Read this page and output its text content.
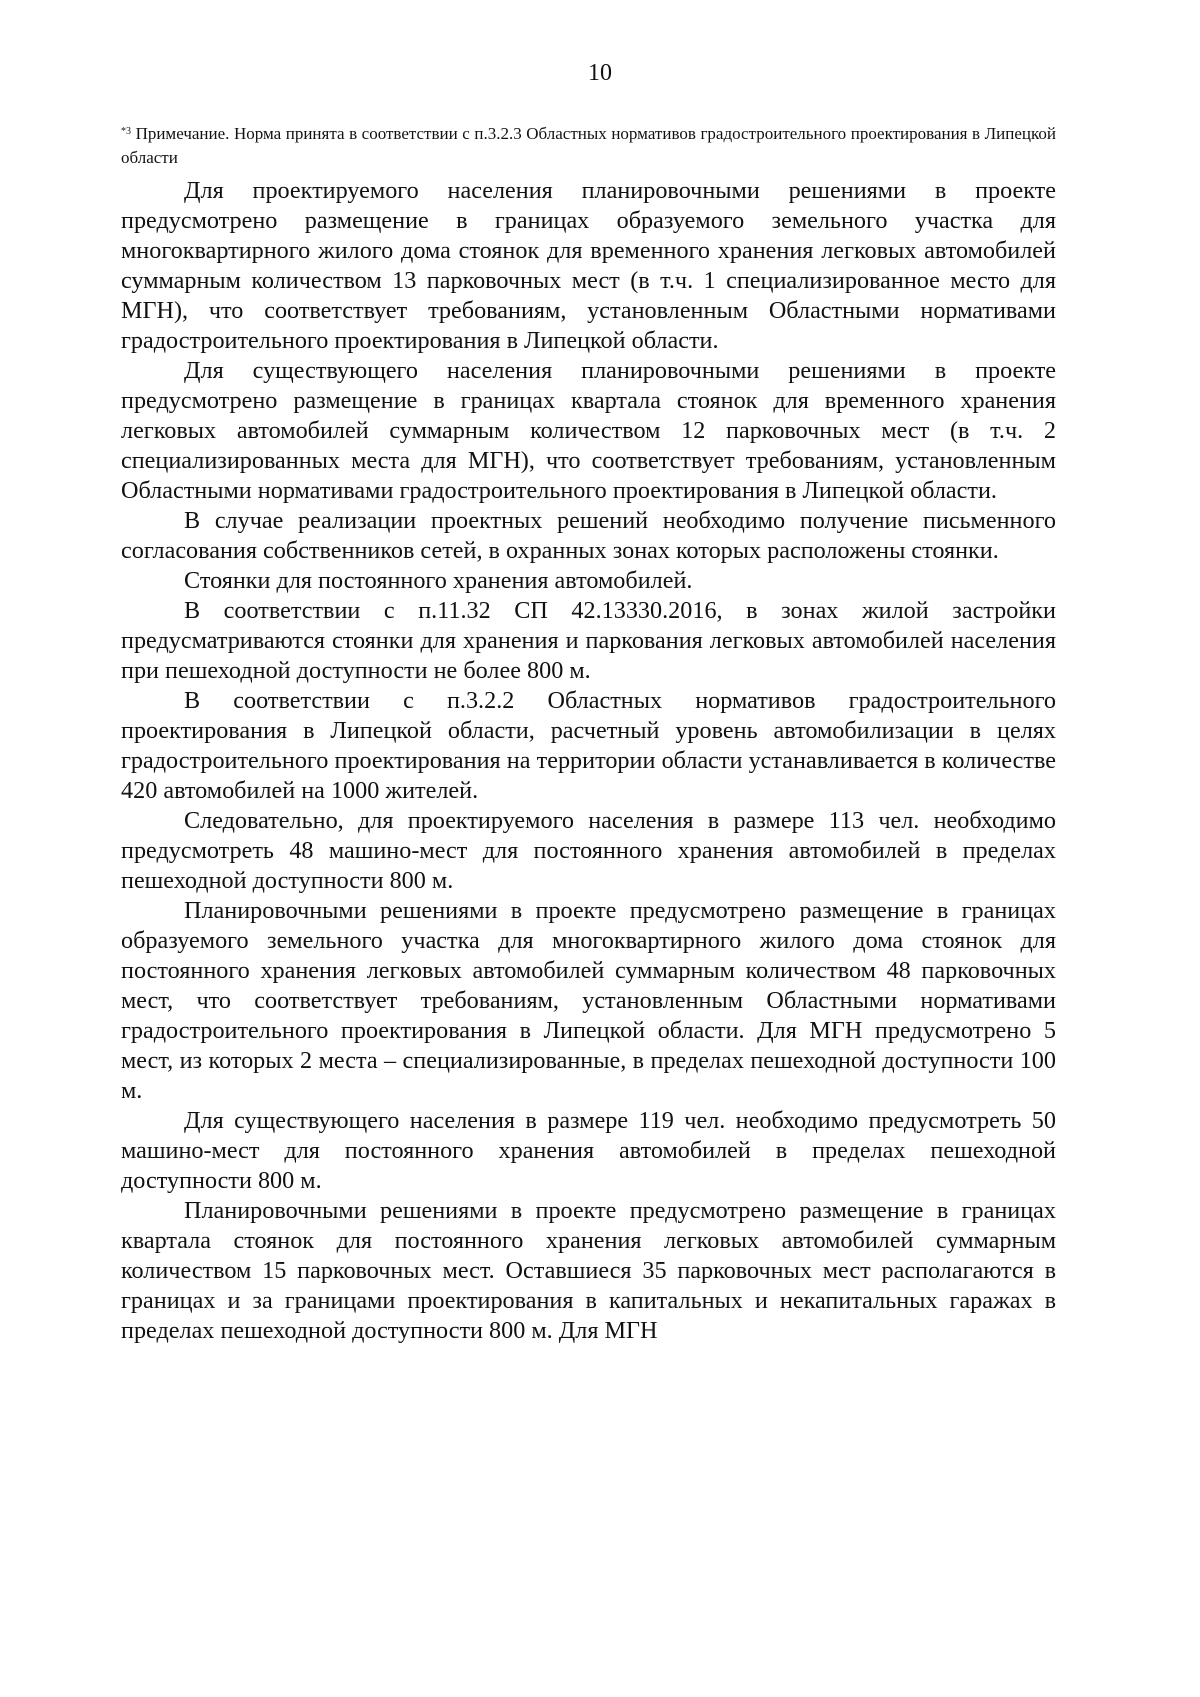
10

$^{*3}$ Примечание. Норма принята в соответствии с п.3.2.3 Областных нормативов градостроительного проектирования в Липецкой области

Для проектируемого населения планировочными решениями в проекте предусмотрено размещение в границах образуемого земельного участка для многоквартирного жилого дома стоянок для временного хранения легковых автомобилей суммарным количеством 13 парковочных мест (в т.ч. 1 специализированное место для МГН), что соответствует требованиям, установленным Областными нормативами градостроительного проектирования в Липецкой области.

Для существующего населения планировочными решениями в проекте предусмотрено размещение в границах квартала стоянок для временного хранения легковых автомобилей суммарным количеством 12 парковочных мест (в т.ч. 2 специализированных места для МГН), что соответствует требованиям, установленным Областными нормативами градостроительного проектирования в Липецкой области.

В случае реализации проектных решений необходимо получение письменного согласования собственников сетей, в охранных зонах которых расположены стоянки.

Стоянки для постоянного хранения автомобилей.

В соответствии с п.11.32 СП 42.13330.2016, в зонах жилой застройки предусматриваются стоянки для хранения и паркования легковых автомобилей населения при пешеходной доступности не более 800 м.

В соответствии с п.3.2.2 Областных нормативов градостроительного проектирования в Липецкой области, расчетный уровень автомобилизации в целях градостроительного проектирования на территории области устанавливается в количестве 420 автомобилей на 1000 жителей.

Следовательно, для проектируемого населения в размере 113 чел. необходимо предусмотреть 48 машино-мест для постоянного хранения автомобилей в пределах пешеходной доступности 800 м.

Планировочными решениями в проекте предусмотрено размещение в границах образуемого земельного участка для многоквартирного жилого дома стоянок для постоянного хранения легковых автомобилей суммарным количеством 48 парковочных мест, что соответствует требованиям, установленным Областными нормативами градостроительного проектирования в Липецкой области. Для МГН предусмотрено 5 мест, из которых 2 места – специализированные, в пределах пешеходной доступности 100 м.

Для существующего населения в размере 119 чел. необходимо предусмотреть 50 машино-мест для постоянного хранения автомобилей в пределах пешеходной доступности 800 м.

Планировочными решениями в проекте предусмотрено размещение в границах квартала стоянок для постоянного хранения легковых автомобилей суммарным количеством 15 парковочных мест. Оставшиеся 35 парковочных мест располагаются в границах и за границами проектирования в капитальных и некапитальных гаражах в пределах пешеходной доступности 800 м. Для МГН
